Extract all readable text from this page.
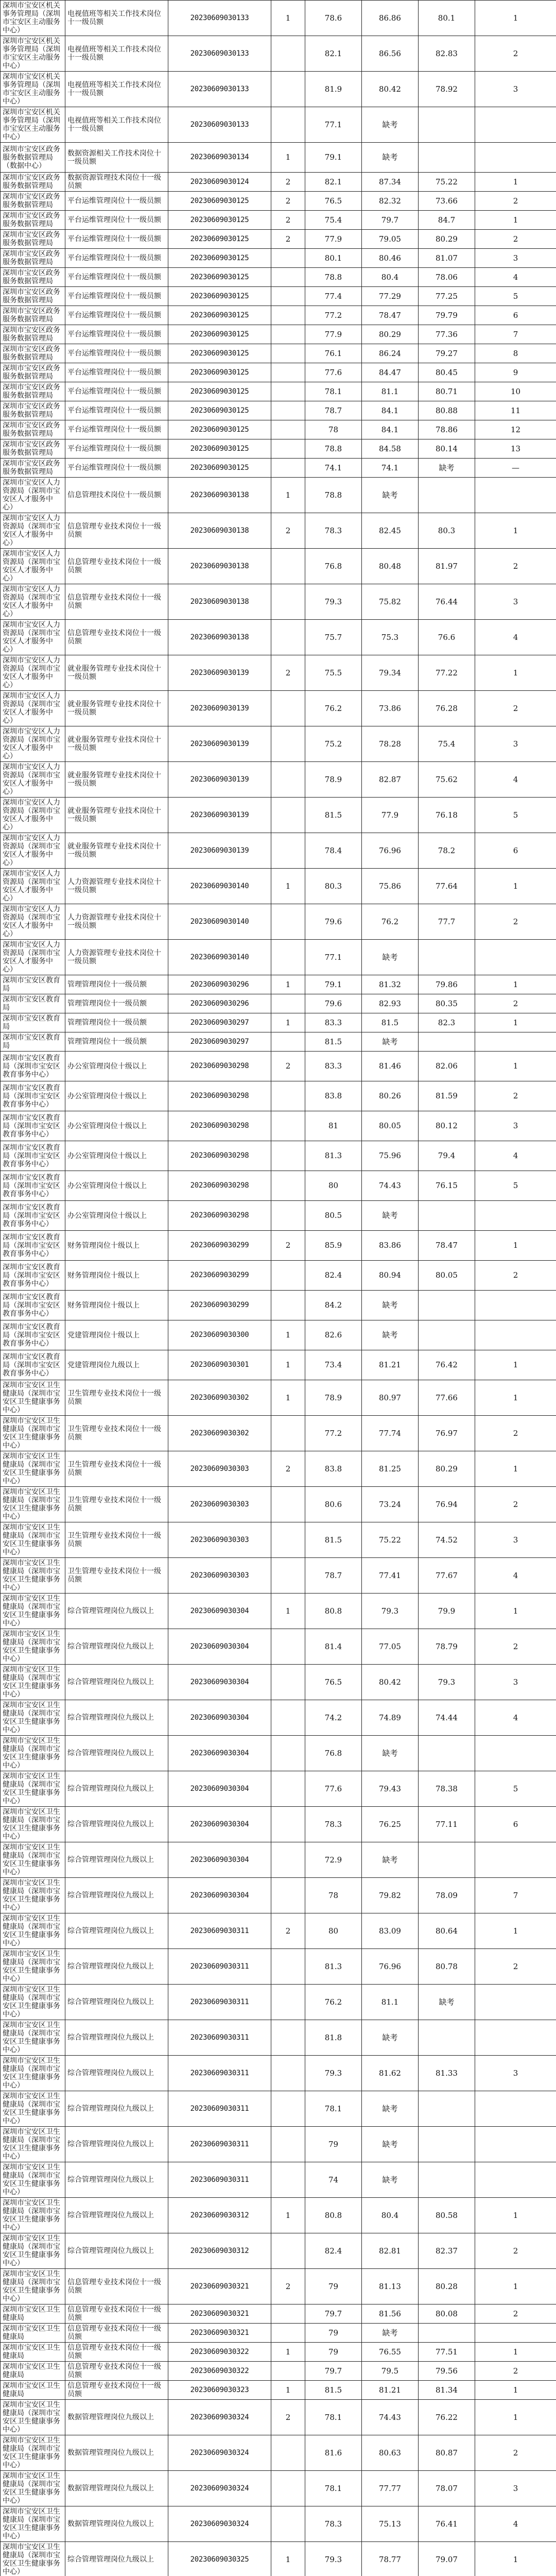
深圳市宝安区机关事务管理局（深圳市宝安区主动服务中心）	电视值班等相关工作技术岗位十一级员额	20230609030133	1	78.6	86.86	80.1	1
深圳市宝安区机关事务管理局（深圳市宝安区主动服务中心）	电视值班等相关工作技术岗位十一级员额	20230609030133		82.1	86.56	82.83	2
深圳市宝安区机关事务管理局（深圳市宝安区主动服务中心）	电视值班等相关工作技术岗位十一级员额	20230609030133		81.9	80.42	78.92	3
深圳市宝安区机关事务管理局（深圳市宝安区主动服务中心）	电视值班等相关工作技术岗位十一级员额	20230609030133		77.1	缺考		
深圳市宝安区政务服务数据管理局（数据中心）	数据资源相关工作技术岗位十一级员额	20230609030134	1	79.1	缺考		
深圳市宝安区政务服务数据管理局	数据资源管理技术岗位十一级员额	20230609030124	2	82.1	87.34	75.22	1
深圳市宝安区政务服务数据管理局	平台运维管理岗位十一级员额	20230609030125	2	76.5	82.32	73.66	2
深圳市宝安区政务服务数据管理局	平台运维管理岗位十一级员额	20230609030125	2	75.4	79.7	84.7	1
深圳市宝安区政务服务数据管理局	平台运维管理岗位十一级员额	20230609030125	2	77.9	79.05	80.29	2
深圳市宝安区政务服务数据管理局	平台运维管理岗位十一级员额	20230609030125		80.1	80.46	81.07	3
深圳市宝安区政务服务数据管理局	平台运维管理岗位十一级员额	20230609030125		78.8	80.4	78.06	4
深圳市宝安区政务服务数据管理局	平台运维管理岗位十一级员额	20230609030125		77.4	77.29	77.25	5
深圳市宝安区政务服务数据管理局	平台运维管理岗位十一级员额	20230609030125		77.2	78.47	79.79	6
深圳市宝安区政务服务数据管理局	平台运维管理岗位十一级员额	20230609030125		77.9	80.29	77.36	7
深圳市宝安区政务服务数据管理局	平台运维管理岗位十一级员额	20230609030125		76.1	86.24	79.27	8
深圳市宝安区政务服务数据管理局	平台运维管理岗位十一级员额	20230609030125		77.6	84.47	80.45	9
深圳市宝安区政务服务数据管理局	平台运维管理岗位十一级员额	20230609030125		78.1	81.1	80.71	10
深圳市宝安区政务服务数据管理局	平台运维管理岗位十一级员额	20230609030125		78.7	84.1	80.88	11
深圳市宝安区政务服务数据管理局	平台运维管理岗位十一级员额	20230609030125		78	84.1	78.86	12
深圳市宝安区政务服务数据管理局	平台运维管理岗位十一级员额	20230609030125		78.8	84.58	80.14	13
深圳市宝安区政务服务数据管理局	平台运维管理岗位十一级员额	20230609030125		74.1	74.1	缺考	—
深圳市宝安区人力资源局（深圳市宝安区人才服务中心）	信息管理技术岗位十一级员额	20230609030138	1	78.8	缺考		
深圳市宝安区人力资源局（深圳市宝安区人才服务中心）	信息管理专业技术岗位十一级员额	20230609030138	2	78.3	82.45	80.3	1
深圳市宝安区人力资源局（深圳市宝安区人才服务中心）	信息管理专业技术岗位十一级员额	20230609030138		76.8	80.48	81.97	2
深圳市宝安区人力资源局（深圳市宝安区人才服务中心）	信息管理专业技术岗位十一级员额	20230609030138		79.3	75.82	76.44	3
深圳市宝安区人力资源局（深圳市宝安区人才服务中心）	信息管理专业技术岗位十一级员额	20230609030138		75.7	75.3	76.6	4
深圳市宝安区人力资源局（深圳市宝安区人才服务中心）	就业服务管理专业技术岗位十一级员额	20230609030139	2	75.5	79.34	77.22	1
深圳市宝安区人力资源局（深圳市宝安区人才服务中心）	就业服务管理专业技术岗位十一级员额	20230609030139		76.2	73.86	76.28	2
深圳市宝安区人力资源局（深圳市宝安区人才服务中心）	就业服务管理专业技术岗位十一级员额	20230609030139		75.2	78.28	75.4	3
深圳市宝安区人力资源局（深圳市宝安区人才服务中心）	就业服务管理专业技术岗位十一级员额	20230609030139		78.9	82.87	75.62	4
深圳市宝安区人力资源局（深圳市宝安区人才服务中心）	就业服务管理专业技术岗位十一级员额	20230609030139		81.5	77.9	76.18	5
深圳市宝安区人力资源局（深圳市宝安区人才服务中心）	就业服务管理专业技术岗位十一级员额	20230609030139		78.4	76.96	78.2	6
深圳市宝安区人力资源局（深圳市宝安区人才服务中心）	人力资源管理专业技术岗位十一级员额	20230609030140	1	80.3	75.86	77.64	1
深圳市宝安区人力资源局（深圳市宝安区人才服务中心）	人力资源管理专业技术岗位十一级员额	20230609030140		79.6	76.2	77.7	2
深圳市宝安区人力资源局（深圳市宝安区人才服务中心）	人力资源管理专业技术岗位十一级员额	20230609030140		77.1	缺考		
深圳市宝安区教育局	管理管理岗位十一级员额	20230609030296	1	79.1	81.32	79.86	1
深圳市宝安区教育局	管理管理岗位十一级员额	20230609030296		79.6	82.93	80.35	2
深圳市宝安区教育局	管理管理岗位十一级员额	20230609030297	1	83.3	81.5	82.3	1
深圳市宝安区教育局	管理管理岗位十一级员额	20230609030297		81.5	缺考		
深圳市宝安区教育局（深圳市宝安区教育事务中心）	办公室管理岗位十级以上	20230609030298	2	83.3	81.46	82.06	1
深圳市宝安区教育局（深圳市宝安区教育事务中心）	办公室管理岗位十级以上	20230609030298		83.8	80.26	81.59	2
深圳市宝安区教育局（深圳市宝安区教育事务中心）	办公室管理岗位十级以上	20230609030298		81	80.05	80.12	3
深圳市宝安区教育局（深圳市宝安区教育事务中心）	办公室管理岗位十级以上	20230609030298		81.3	75.96	79.4	4
深圳市宝安区教育局（深圳市宝安区教育事务中心）	办公室管理岗位十级以上	20230609030298		80	74.43	76.15	5
深圳市宝安区教育局（深圳市宝安区教育事务中心）	办公室管理岗位十级以上	20230609030298		80.5	缺考		
深圳市宝安区教育局（深圳市宝安区教育事务中心）	财务管理岗位十级以上	20230609030299	2	85.9	83.86	78.47	1
深圳市宝安区教育局（深圳市宝安区教育事务中心）	财务管理岗位十级以上	20230609030299		82.4	80.94	80.05	2
深圳市宝安区教育局（深圳市宝安区教育事务中心）	财务管理岗位十级以上	20230609030299		84.2	缺考		
深圳市宝安区教育局（深圳市宝安区教育事务中心）	党建管理岗位十级以上	20230609030300	1	82.6	缺考		
深圳市宝安区教育局（深圳市宝安区教育事务中心）	党建管理岗位九级以上	20230609030301	1	73.4	81.21	76.42	1
深圳市宝安区卫生健康局（深圳市宝安区卫生健康事务中心）	卫生管理专业技术岗位十一级员额	20230609030302	1	78.9	80.97	77.66	1
深圳市宝安区卫生健康局（深圳市宝安区卫生健康事务中心）	卫生管理专业技术岗位十一级员额	20230609030302		77.2	77.74	76.97	2
深圳市宝安区卫生健康局（深圳市宝安区卫生健康事务中心）	卫生管理专业技术岗位十一级员额	20230609030303	2	83.8	81.25	80.29	1
深圳市宝安区卫生健康局（深圳市宝安区卫生健康事务中心）	卫生管理专业技术岗位十一级员额	20230609030303		80.6	73.24	76.94	2
深圳市宝安区卫生健康局（深圳市宝安区卫生健康事务中心）	卫生管理专业技术岗位十一级员额	20230609030303		81.5	75.22	74.52	3
深圳市宝安区卫生健康局（深圳市宝安区卫生健康事务中心）	卫生管理专业技术岗位十一级员额	20230609030303		78.7	77.41	77.67	4
深圳市宝安区卫生健康局（深圳市宝安区卫生健康事务中心）	综合管理管理岗位九级以上	20230609030304	1	80.8	79.3	79.9	1
深圳市宝安区卫生健康局（深圳市宝安区卫生健康事务中心）	综合管理管理岗位九级以上	20230609030304		81.4	77.05	78.79	2
深圳市宝安区卫生健康局（深圳市宝安区卫生健康事务中心）	综合管理管理岗位九级以上	20230609030304		76.5	80.42	79.3	3
深圳市宝安区卫生健康局（深圳市宝安区卫生健康事务中心）	综合管理管理岗位九级以上	20230609030304		74.2	74.89	74.44	4
深圳市宝安区卫生健康局（深圳市宝安区卫生健康事务中心）	综合管理管理岗位九级以上	20230609030304		76.8	缺考		
深圳市宝安区卫生健康局（深圳市宝安区卫生健康事务中心）	综合管理管理岗位九级以上	20230609030304		77.6	79.43	78.38	5
深圳市宝安区卫生健康局（深圳市宝安区卫生健康事务中心）	综合管理管理岗位九级以上	20230609030304		78.3	76.25	77.11	6
深圳市宝安区卫生健康局（深圳市宝安区卫生健康事务中心）	综合管理管理岗位九级以上	20230609030304		72.9	缺考		
深圳市宝安区卫生健康局（深圳市宝安区卫生健康事务中心）	综合管理管理岗位九级以上	20230609030304		78	79.82	78.09	7
深圳市宝安区卫生健康局（深圳市宝安区卫生健康事务中心）	综合管理管理岗位九级以上	20230609030311	2	80	83.09	80.64	1
深圳市宝安区卫生健康局（深圳市宝安区卫生健康事务中心）	综合管理管理岗位九级以上	20230609030311		81.3	76.96	80.78	2
深圳市宝安区卫生健康局（深圳市宝安区卫生健康事务中心）	综合管理管理岗位九级以上	20230609030311		76.2	81.1	缺考	
深圳市宝安区卫生健康局（深圳市宝安区卫生健康事务中心）	综合管理管理岗位九级以上	20230609030311		81.8	缺考		
深圳市宝安区卫生健康局（深圳市宝安区卫生健康事务中心）	综合管理管理岗位九级以上	20230609030311		79.3	81.62	81.33	3
深圳市宝安区卫生健康局（深圳市宝安区卫生健康事务中心）	综合管理管理岗位九级以上	20230609030311		78.1	缺考		
深圳市宝安区卫生健康局（深圳市宝安区卫生健康事务中心）	综合管理管理岗位九级以上	20230609030311		79	缺考		
深圳市宝安区卫生健康局（深圳市宝安区卫生健康事务中心）	综合管理管理岗位九级以上	20230609030311		74	缺考		
深圳市宝安区卫生健康局（深圳市宝安区卫生健康事务中心）	综合管理管理岗位九级以上	20230609030312	1	80.8	80.4	80.58	1
深圳市宝安区卫生健康局（深圳市宝安区卫生健康事务中心）	综合管理管理岗位九级以上	20230609030312		82.4	82.81	82.37	2
深圳市宝安区卫生健康局（深圳市宝安区卫生健康事务中心）	信息管理专业技术岗位十一级员额	20230609030321	2	79	81.13	80.28	1
深圳市宝安区卫生健康局	信息管理专业技术岗位十一级员额	20230609030321		79.7	81.56	80.08	2
深圳市宝安区卫生健康局	信息管理专业技术岗位十一级员额	20230609030321		79	缺考		
深圳市宝安区卫生健康局	信息管理专业技术岗位十一级员额	20230609030322	1	79	76.55	77.51	1
深圳市宝安区卫生健康局	信息管理专业技术岗位十一级员额	20230609030322		79.7	79.5	79.56	2
深圳市宝安区卫生健康局	信息管理专业技术岗位十一级员额	20230609030323	1	81.5	81.21	81.34	1
深圳市宝安区卫生健康局（深圳市宝安区卫生健康事务中心）	数据管理管理岗位九级以上	20230609030324	2	78.1	74.43	76.22	1
深圳市宝安区卫生健康局（深圳市宝安区卫生健康事务中心）	数据管理管理岗位九级以上	20230609030324		81.6	80.63	80.87	2
深圳市宝安区卫生健康局（深圳市宝安区卫生健康事务中心）	数据管理管理岗位九级以上	20230609030324		78.1	77.77	78.07	3
深圳市宝安区卫生健康局（深圳市宝安区卫生健康事务中心）	数据管理管理岗位九级以上	20230609030324		78.3	75.13	76.41	4
深圳市宝安区卫生健康局（深圳市宝安区卫生健康事务中心）	综合管理管理岗位九级以上	20230609030325	1	79.3	78.77	79.07	1
